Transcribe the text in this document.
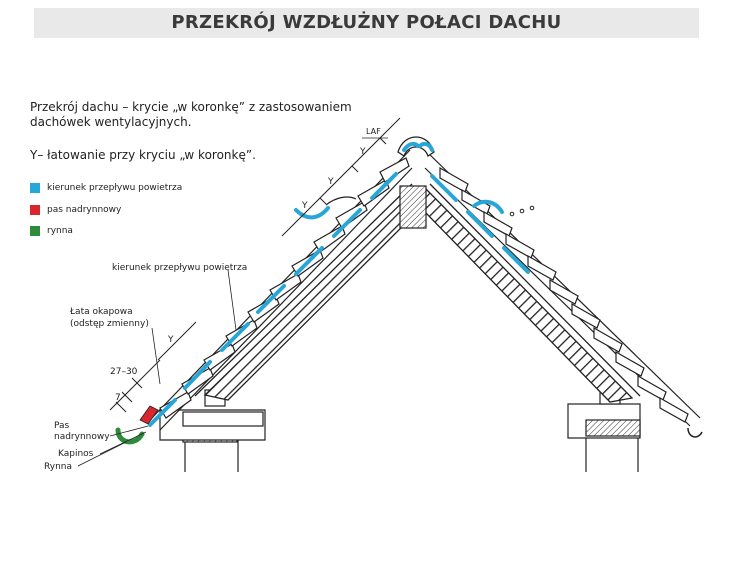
PRZEKRÓJ WZDŁUŻNY POŁACI DACHU
Przekrój dachu – krycie „w koronkę” z zastosowaniem
dachówek wentylacyjnych.
Y– łatowanie przy kryciu „w koronkę”.
kierunek przepływu powietrza
pas nadrynnowy
rynna
kierunek przepływu powietrza
Łata okapowa
(odstęp zmienny)
27–30
7
Pas
nadrynnowy
Kapinos
Rynna
LAF
Y
Y
Y
Y
